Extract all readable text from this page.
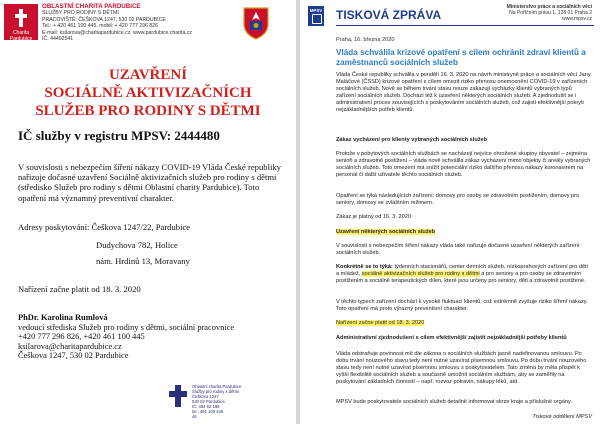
Charita Pardubice
OBLASTNÍ CHARITA PARDUBICE
SLUŽBY PRO RODINY S DĚTMI
PRACOVIŠTĚ: ČEŠKOVA 1247, 530 02 PARDUBICE
Tel.: + 420 461 100 445, mobil: + 420 777 296 826
E-mail: ksilarova@charitapardubice.cz, www.pardubice.charita.cz
IČ: 44492541
UZAVŘENÍ
SOCIÁLNĚ AKTIVIZAČNÍCH
SLUŽEB PRO RODINY S DĚTMI
IČ služby v registru MPSV: 2444480
V souvislosti s nebezpečím šíření nákazy COVID-19 Vláda České republiky nařizuje dočasné uzavření Sociálně aktivizačních služeb pro rodiny s dětmi (středisko Služeb pro rodiny s dětmi Oblastní charity Pardubice). Toto opatření má významný preventivní charakter.
Adresy poskytování: Češkova 1247/22, Pardubice
Dudychova 782, Holice
nám. Hrdinů 13, Moravany
Nařízení začne platit od 18. 3. 2020
PhDr. Karolina Rumlová
vedoucí střediska Služeb pro rodiny s dětmi, sociální pracovnice
+420 777 296 826, +420 461 100 445
ksilarova@charitapardubice.cz
Češkova 1247, 530 02 Pardubice
Oblastní charita Pardubice
Služby pro rodiny s dětmi
Češkova 1247
530 02 Pardubice
IČ: 464 92 168
tel.: 461 100 445
46
MPSV TISKOVÁ ZPRÁVA
Ministerstvo práce a sociálních věcí
Na Poříčním právu 1, 128 01 Praha 2
www.mpsv.cz
Praha, 16. března 2020
Vláda schválila krizové opatření s cílem ochránit zdraví klientů a zaměstnanců sociálních služeb
Vláda České republiky schválila v pondělí 16. 3. 2020 na návrh ministryně práce a sociálních věcí Jany Maláčové (ČSSD) krizové opatření s cílem omezit riziko přenosu onemocnění COVID-19 v zařízeních sociálních služeb. Nově se během trvání stavu nouze zakazují vycházky klientů vybraných typů zařízení sociálních služeb. Dochází též k uzavření některých sociálních služeb. A zjednodušit se i administrativní proces souvisejících s poskytováním sociálních služeb, což zajistí efektivnější pokryti nejzákladnějších potřeb klientů.
Zákaz vycházení pro klienty vybraných sociálních služeb
Protože v pobytových sociálních službách se nacházejí nejvíce ohrožené skupiny obyvatel – zejména senioři a zdravotně postižení – vláda nově schválila zákaz vycházení mimo objekty či areály vybraných sociálních služeb. Toto omezení má snížit potenciální riziko dalšího přenosu nákazy koronavirem na personál či další uživatele těchto sociálních služeb.
Opatření se týká následujících zařízení: domovy pro osoby se zdravotním postižením, domovy pro seniory, domovy se zvláštním režimem.
Zákaz je platný od 16. 3. 2020
Uzavření některých sociálních služeb
V souvislosti s nebezpečím šíření nákazy vláda také nařizuje dočasné uzavření některých zařízení sociálních služeb.
Konkrétně se to týká: týdenních stacionářů, center denních služeb, nízkoprahových zařízení pro děti a mládež, sociálně aktivizačních služeb pro rodiny s dětmi a pro seniory a pro osoby se zdravotním postižením a sociálně terapeutických dílen, které jsou určeny pro seniory, děti a zdravotně postižené.
V těchto typech zařízení dochází k vysoké fluktuaci klientů, což extrémně zvyšuje riziko šíření nákazy. Toto opatření má proto výrazný preventivní charakter.
Nařízení začne platit od 18. 3. 2020
Administrativní zjednodušení s cílem efektivnější zajistit nejzákladnější potřeby klientů
Vláda odstraňuje povinnost mít dle zákona o sociálních službách jasně nadefinovanou smlouvu. Po dobu trvání nouzového stavu tedy není nutné uzavírat písemnou smlouvu. Po dobu trvání nouzového stavu tedy není nutné uzavírat písemnou smlouvu s poskytovatelem. Tato změna by měla přispět k vyšší flexibilitě sociálních služeb a současně umožnit sociálním službám, aby se zaměřily na poskytování základních činností – např. rozvoz potravin, nákupy léků, atd.
MPSV bude poskytovatele sociálních služeb detailně informovat skrze kraje a příslušné orgány.
Tiskové oddělení MPSV
